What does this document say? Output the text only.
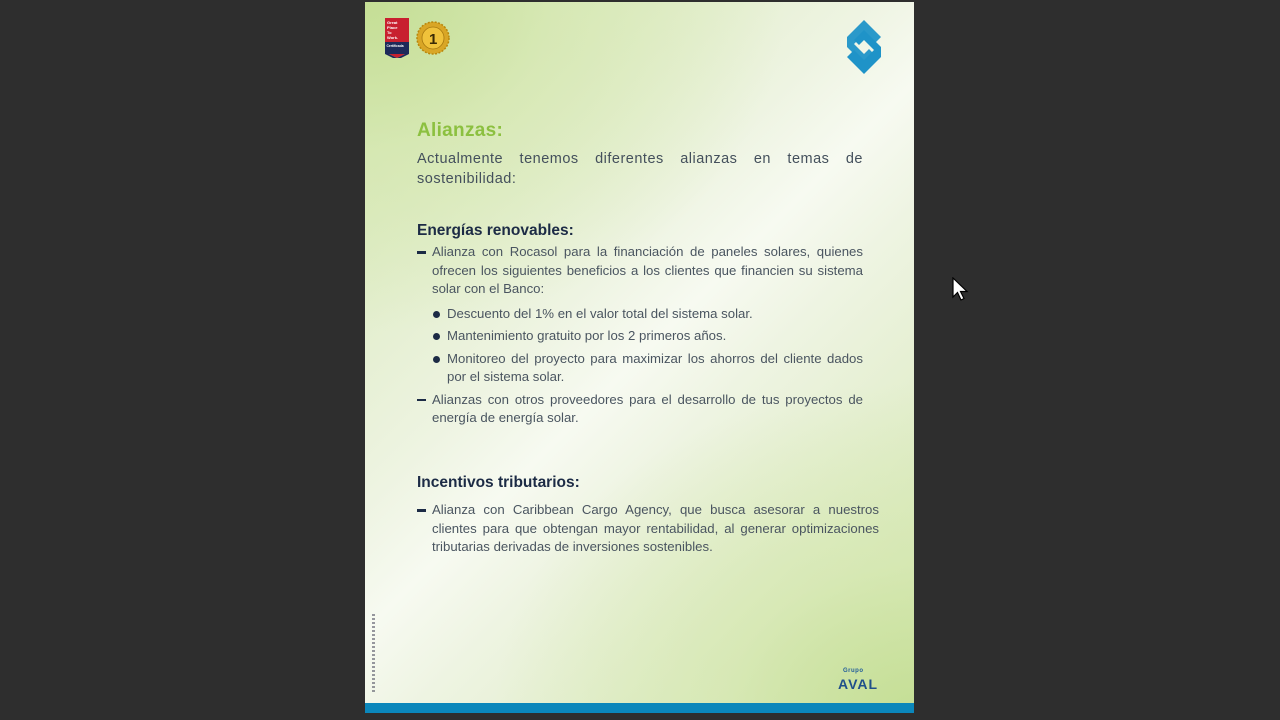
Great
Place
To
Work.
Certificada 1
Alianzas:

Actualmente tenemos diferentes alianzas en temas de sostenibilidad:

Energías renovables:
Alianza con Rocasol para la financiación de paneles solares, quienes ofrecen los siguientes beneficios a los clientes que financien su sistema solar con el Banco:
Descuento del 1% en el valor total del sistema solar.
Mantenimiento gratuito por los 2 primeros años.
Monitoreo del proyecto para maximizar los ahorros del cliente dados por el sistema solar.
Alianzas con otros proveedores para el desarrollo de tus proyectos de energía de energía solar.
Incentivos tributarios:
Alianza con Caribbean Cargo Agency, que busca asesorar a nuestros clientes para que obtengan mayor rentabilidad, al generar optimizaciones tributarias derivadas de inversiones sostenibles.
Grupo
AVAL
